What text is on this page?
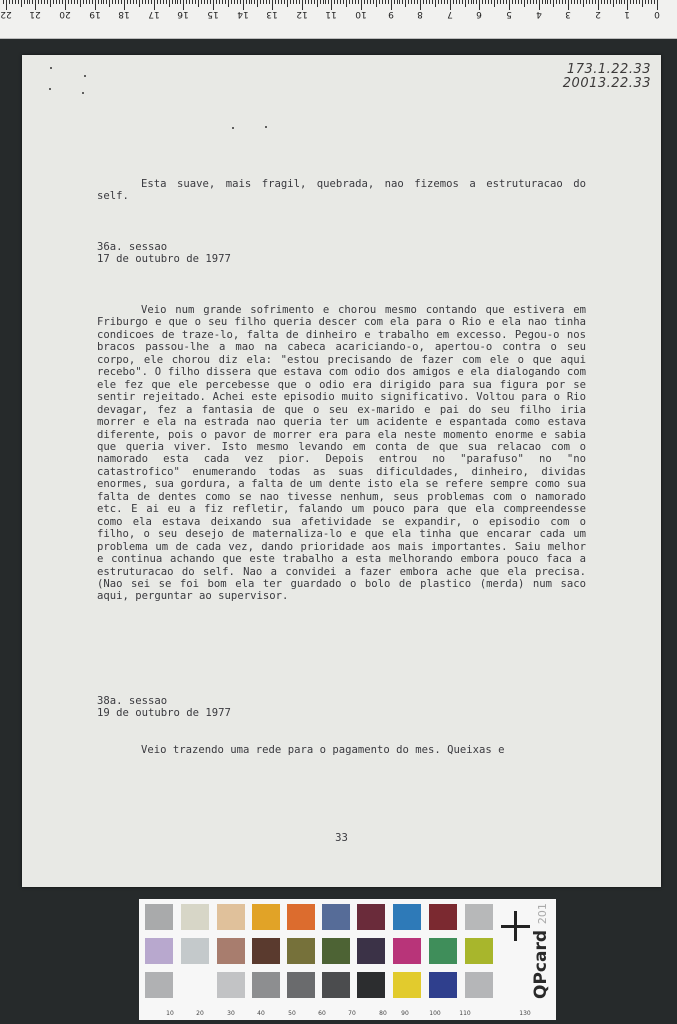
0
1
2
3
4
5
6
7
8
9
10
11
12
13
14
15
16
17
18
19
20
21
22
173.1.22.33
20013.22.33

Esta suave, mais fragil, quebrada, nao fizemos a estruturacao do self.

36a. sessao

17 de outubro de 1977

Veio num grande sofrimento e chorou mesmo contando que estivera em Friburgo e que o seu filho queria descer com ela para o Rio e ela nao tinha condicoes de traze-lo, falta de dinheiro e trabalho em excesso. Pegou-o nos bracos passou-lhe a mao na cabeca acariciando-o, apertou-o contra o seu corpo, ele chorou diz ela: "estou precisando de fazer com ele o que aqui recebo". O filho dissera que estava com odio dos amigos e ela dialogando com ele fez que ele percebesse que o odio era dirigido para sua figura por se sentir rejeitado. Achei este episodio muito significativo. Voltou para o Rio devagar, fez a fantasia de que o seu ex-marido e pai do seu filho iria morrer e ela na estrada nao queria ter um acidente e espantada como estava diferente, pois o pavor de morrer era para ela neste momento enorme e sabia que queria viver. Isto mesmo levando em conta de que sua relacao com o namorado esta cada vez pior. Depois entrou no "parafuso" no "no catastrofico" enumerando todas as suas dificuldades, dinheiro, dividas enormes, sua gordura, a falta de um dente isto ela se refere sempre como sua falta de dentes como se nao tivesse nenhum, seus problemas com o namorado etc. E ai eu a fiz refletir, falando um pouco para que ela compreendesse como ela estava deixando sua afetividade se expandir, o episodio com o filho, o seu desejo de maternaliza-lo e que ela tinha que encarar cada um problema um de cada vez, dando prioridade aos mais importantes. Saiu melhor e continua achando que este trabalho a esta melhorando embora pouco faca a estruturacao do self. Nao a convidei a fazer embora ache que ela precisa. (Nao sei se foi bom ela ter guardado o bolo de plastico (merda) num saco aqui, perguntar ao supervisor.

38a. sessao

19 de outubro de 1977

Veio trazendo uma rede para o pagamento do mes. Queixas e

33
QPcard 201
10	20	30	40	50	60	70	80 90	100	110	130
